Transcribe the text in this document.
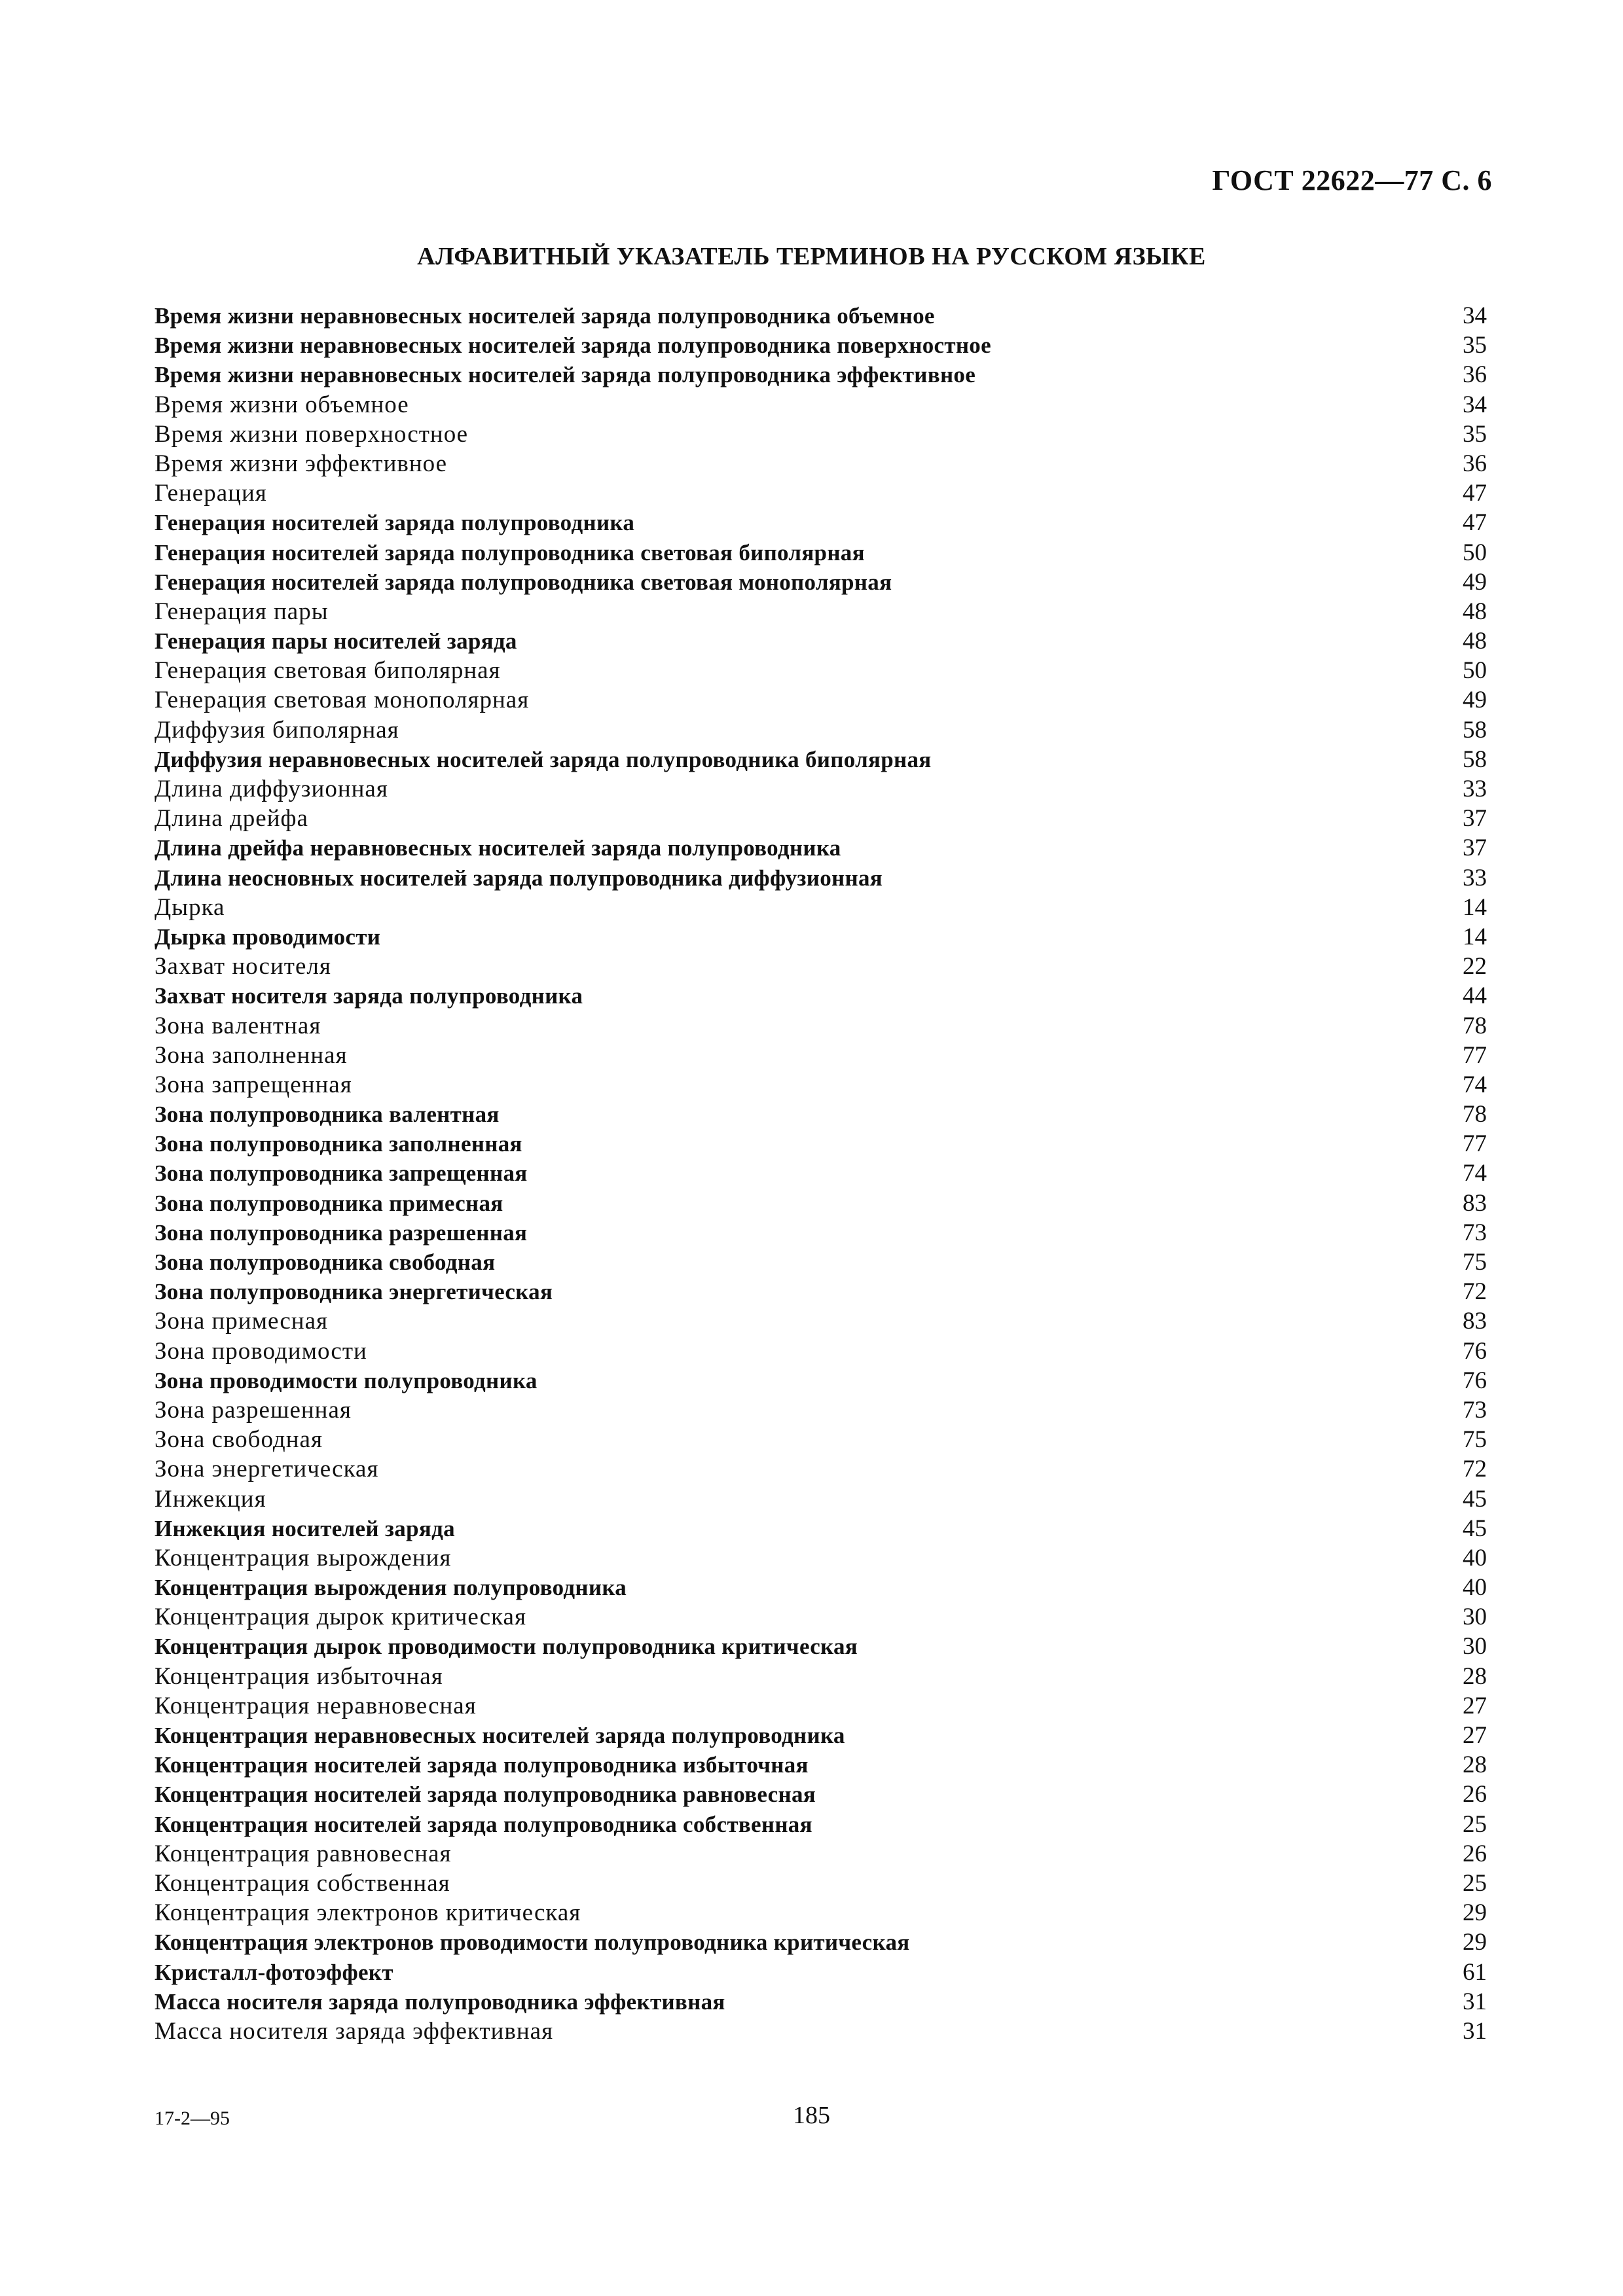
ГОСТ 22622—77 С. 6
АЛФАВИТНЫЙ УКАЗАТЕЛЬ ТЕРМИНОВ НА РУССКОМ ЯЗЫКЕ
Время жизни неравновесных носителей заряда полупроводника объемное	34
Время жизни неравновесных носителей заряда полупроводника поверхностное	35
Время жизни неравновесных носителей заряда полупроводника эффективное	36
Время жизни объемное	34
Время жизни поверхностное	35
Время жизни эффективное	36
Генерация	47
Генерация носителей заряда полупроводника	47
Генерация носителей заряда полупроводника световая биполярная	50
Генерация носителей заряда полупроводника световая монополярная	49
Генерация пары	48
Генерация пары носителей заряда	48
Генерация световая биполярная	50
Генерация световая монополярная	49
Диффузия биполярная	58
Диффузия неравновесных носителей заряда полупроводника биполярная	58
Длина диффузионная	33
Длина дрейфа	37
Длина дрейфа неравновесных носителей заряда полупроводника	37
Длина неосновных носителей заряда полупроводника диффузионная	33
Дырка	14
Дырка проводимости	14
Захват носителя	22
Захват носителя заряда полупроводника	44
Зона валентная	78
Зона заполненная	77
Зона запрещенная	74
Зона полупроводника валентная	78
Зона полупроводника заполненная	77
Зона полупроводника запрещенная	74
Зона полупроводника примесная	83
Зона полупроводника разрешенная	73
Зона полупроводника свободная	75
Зона полупроводника энергетическая	72
Зона примесная	83
Зона проводимости	76
Зона проводимости полупроводника	76
Зона разрешенная	73
Зона свободная	75
Зона энергетическая	72
Инжекция	45
Инжекция носителей заряда	45
Концентрация вырождения	40
Концентрация вырождения полупроводника	40
Концентрация дырок критическая	30
Концентрация дырок проводимости полупроводника критическая	30
Концентрация избыточная	28
Концентрация неравновесная	27
Концентрация неравновесных носителей заряда полупроводника	27
Концентрация носителей заряда полупроводника избыточная	28
Концентрация носителей заряда полупроводника равновесная	26
Концентрация носителей заряда полупроводника собственная	25
Концентрация равновесная	26
Концентрация собственная	25
Концентрация электронов критическая	29
Концентрация электронов проводимости полупроводника критическая	29
Кристалл-фотоэффект	61
Масса носителя заряда полупроводника эффективная	31
Масса носителя заряда эффективная	31
17-2—95	185
